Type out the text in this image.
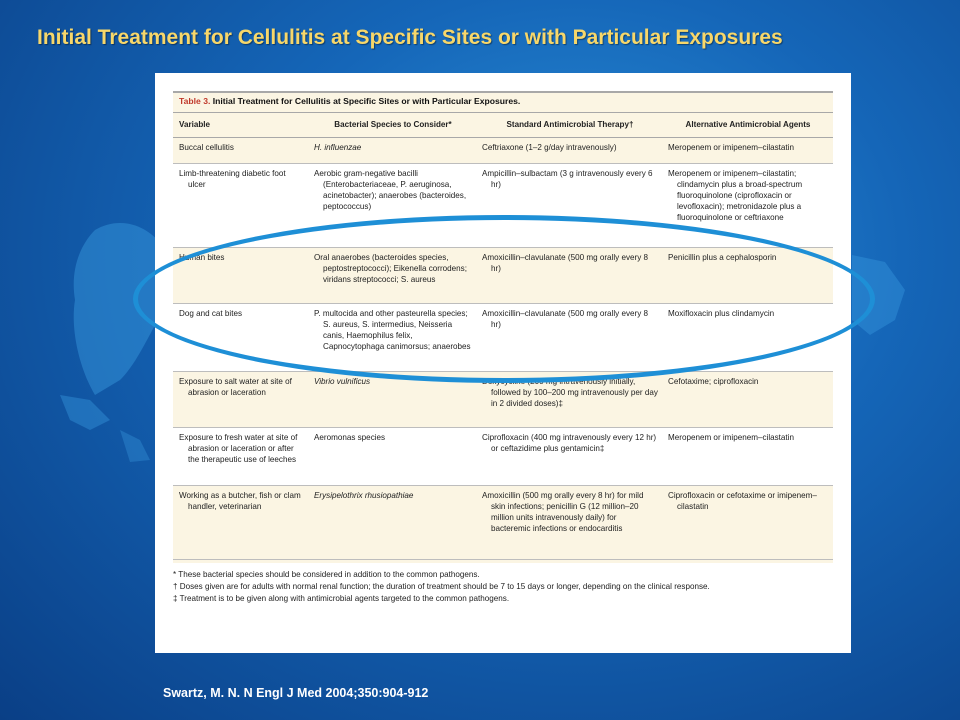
Initial Treatment for Cellulitis at Specific Sites or with Particular Exposures
Table 3. Initial Treatment for Cellulitis at Specific Sites or with Particular Exposures.
Variable	Bacterial Species to Consider*	Standard Antimicrobial Therapy†	Alternative Antimicrobial Agents

Buccal cellulitis	H. influenzae	Ceftriaxone (1–2 g/day intravenously)	Meropenem or imipenem–cilastatin

Limb-threatening diabetic foot ulcer	Aerobic gram-negative bacilli (Enterobacteriaceae, P. aeruginosa, acinetobacter); anaerobes (bacteroides, peptococcus)	Ampicillin–sulbactam (3 g intravenously every 6 hr)	Meropenem or imipenem–cilastatin; clindamycin plus a broad-spectrum fluoroquinolone (ciprofloxacin or levofloxacin); metronidazole plus a fluoroquinolone or ceftriaxone

Human bites	Oral anaerobes (bacteroides species, peptostreptococci); Eikenella corrodens; viridans streptococci; S. aureus	Amoxicillin–clavulanate (500 mg orally every 8 hr)	Penicillin plus a cephalosporin

Dog and cat bites	P. multocida and other pasteurella species; S. aureus, S. intermedius, Neisseria canis, Haemophilus felix, Capnocytophaga canimorsus; anaerobes	Amoxicillin–clavulanate (500 mg orally every 8 hr)	Moxifloxacin plus clindamycin

Exposure to salt water at site of abrasion or laceration	Vibrio vulnificus	Doxycycline (200 mg intravenously initially, followed by 100–200 mg intravenously per day in 2 divided doses)‡	Cefotaxime; ciprofloxacin

Exposure to fresh water at site of abrasion or laceration or after the therapeutic use of leeches	Aeromonas species	Ciprofloxacin (400 mg intravenously every 12 hr) or ceftazidime plus gentamicin‡	Meropenem or imipenem–cilastatin

Working as a butcher, fish or clam handler, veterinarian	Erysipelothrix rhusiopathiae	Amoxicillin (500 mg orally every 8 hr) for mild skin infections; penicillin G (12 million–20 million units intravenously daily) for bacteremic infections or endocarditis	Ciprofloxacin or cefotaxime or imipenem–cilastatin
* These bacterial species should be considered in addition to the common pathogens.
† Doses given are for adults with normal renal function; the duration of treatment should be 7 to 15 days or longer, depending on the clinical response.
‡ Treatment is to be given along with antimicrobial agents targeted to the common pathogens.
Swartz, M. N. N Engl J Med 2004;350:904-912
